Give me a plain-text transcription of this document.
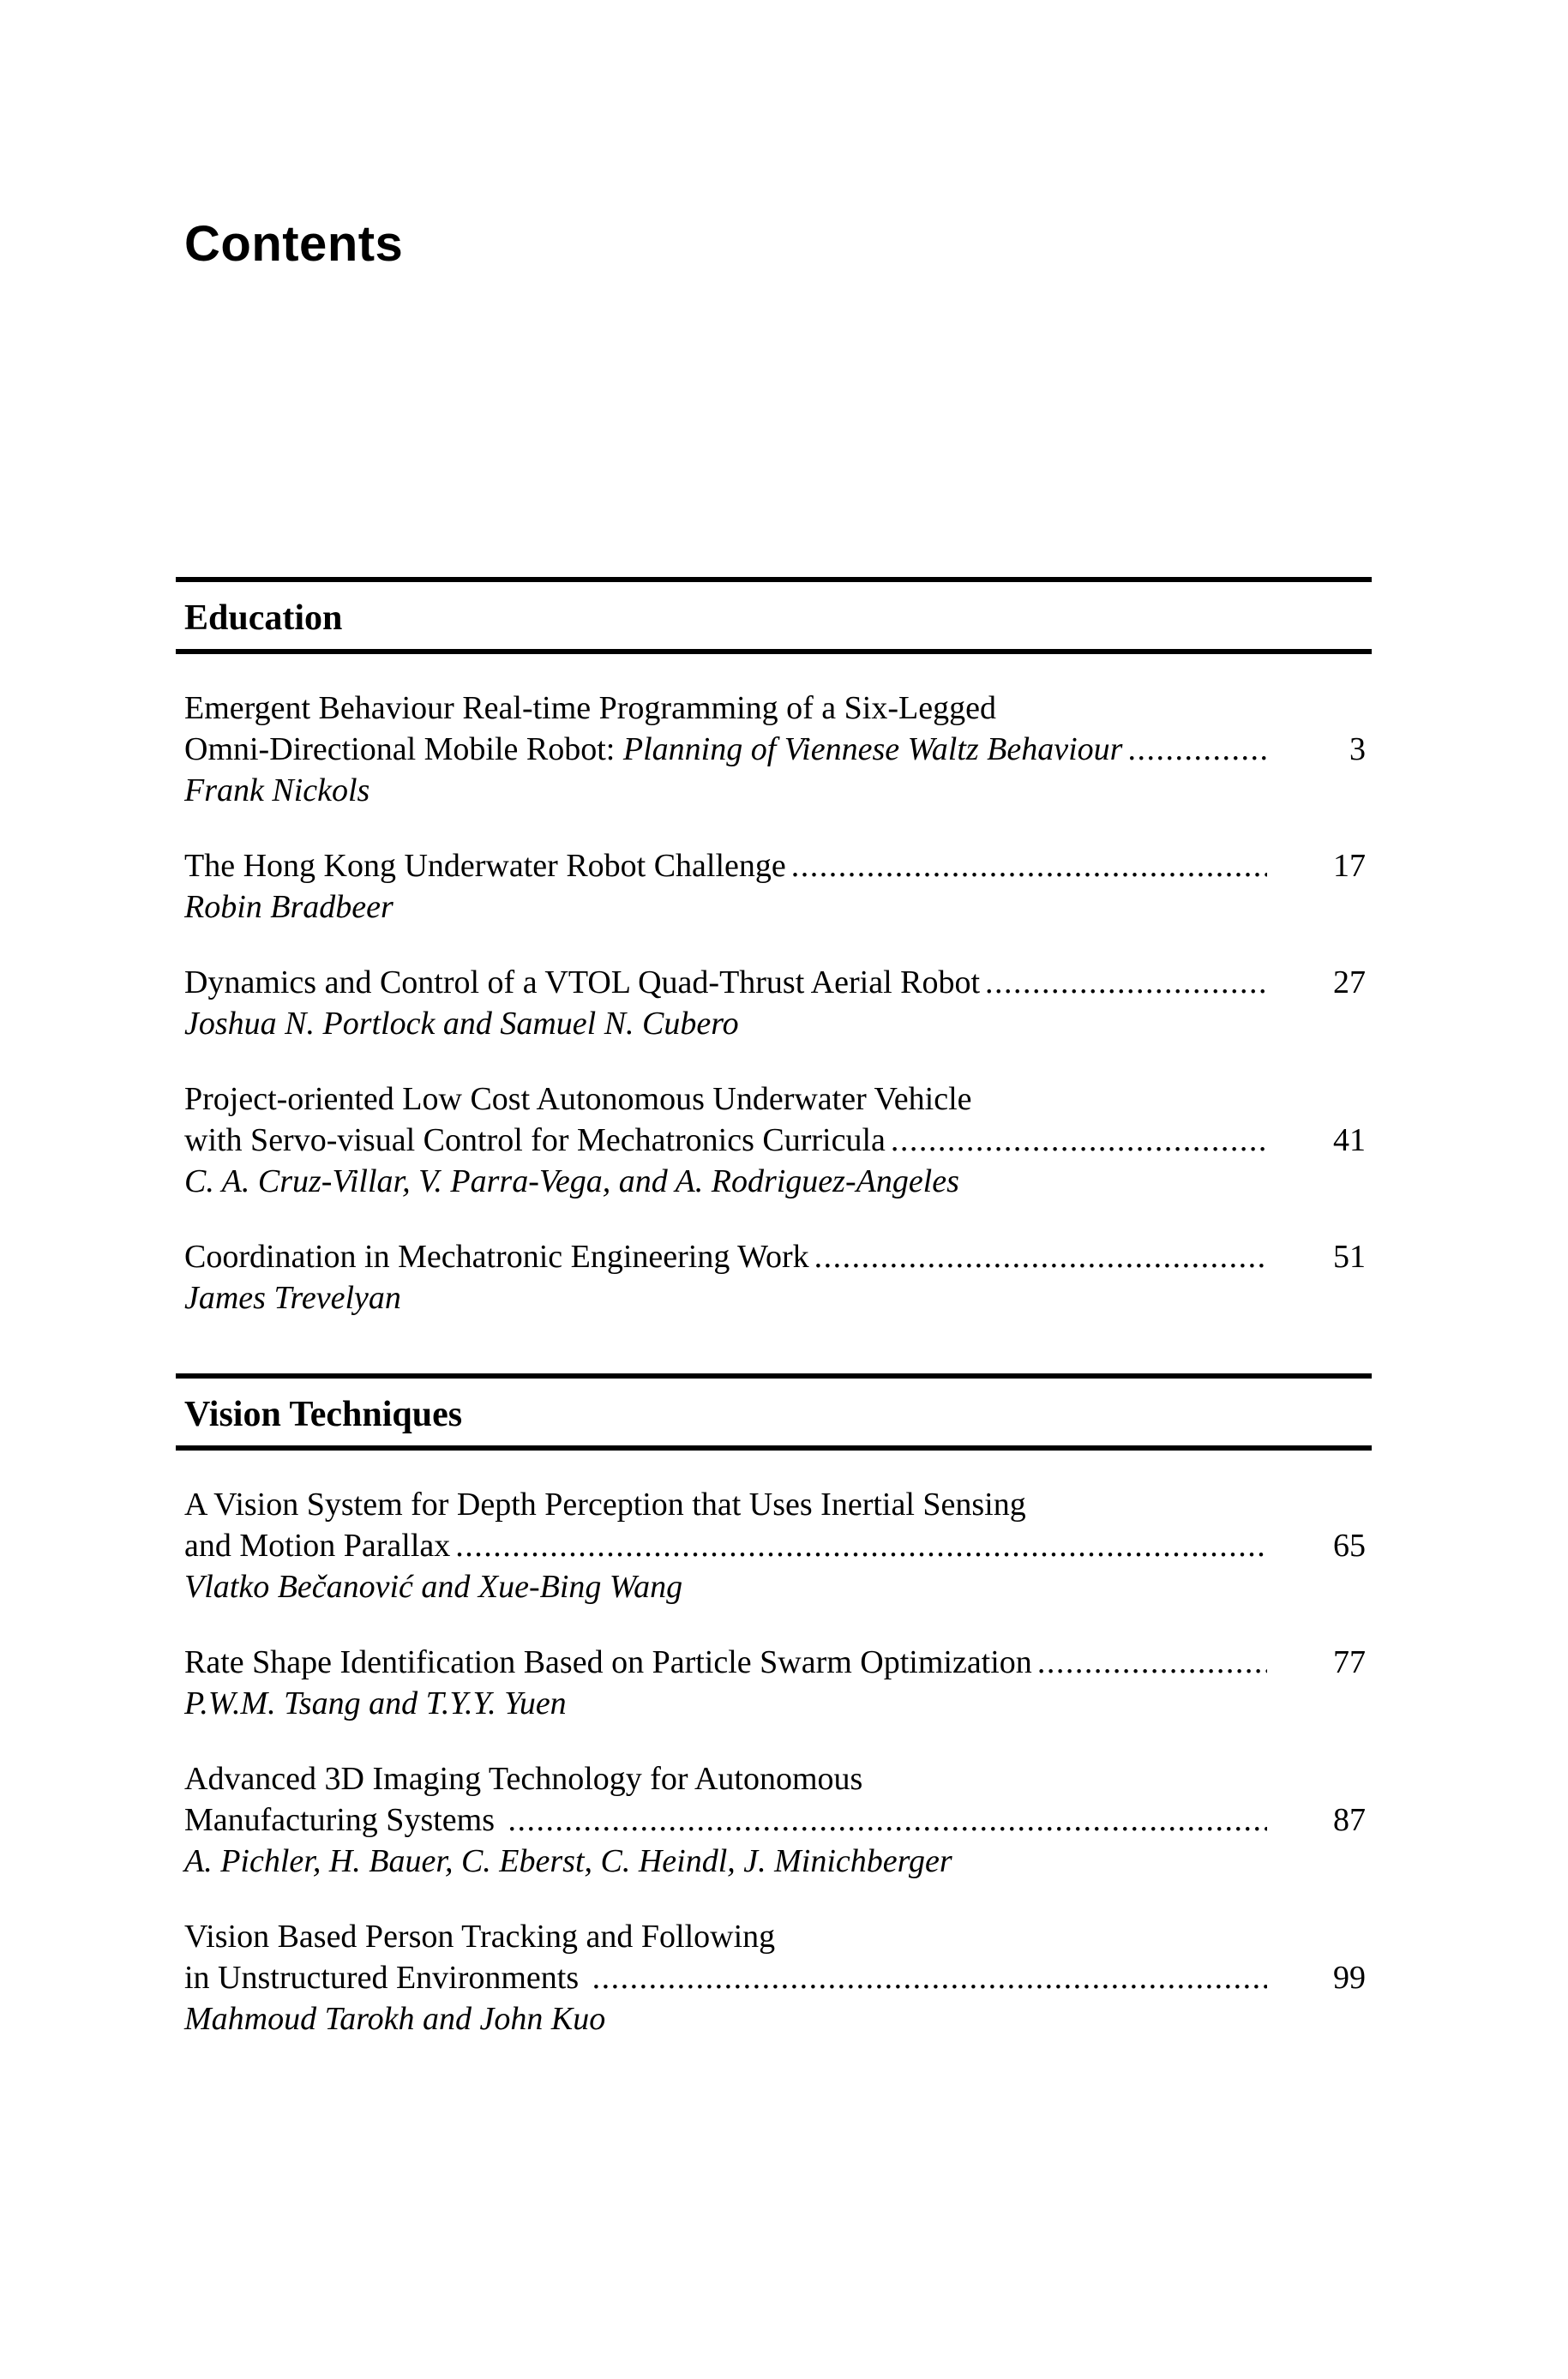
Contents
Education
Emergent Behaviour Real-time Programming of a Six-Legged
Omni-Directional Mobile Robot: Planning of Viennese Waltz Behaviour .....	3
Frank Nickols
The Hong Kong Underwater Robot Challenge .....	17
Robin Bradbeer
Dynamics and Control of a VTOL Quad-Thrust Aerial Robot .....	27
Joshua N. Portlock and Samuel N. Cubero
Project-oriented Low Cost Autonomous Underwater Vehicle
with Servo-visual Control for Mechatronics Curricula .....	41
C. A. Cruz-Villar, V. Parra-Vega, and A. Rodriguez-Angeles
Coordination in Mechatronic Engineering Work .....	51
James Trevelyan
Vision Techniques
A Vision System for Depth Perception that Uses Inertial Sensing
and Motion Parallax .....	65
Vlatko Bečanović and Xue-Bing Wang
Rate Shape Identification Based on Particle Swarm Optimization .....	77
P.W.M. Tsang and T.Y.Y. Yuen
Advanced 3D Imaging Technology for Autonomous
Manufacturing Systems .....	87
A. Pichler, H. Bauer, C. Eberst, C. Heindl, J. Minichberger
Vision Based Person Tracking and Following
in Unstructured Environments .....	99
Mahmoud Tarokh and John Kuo
